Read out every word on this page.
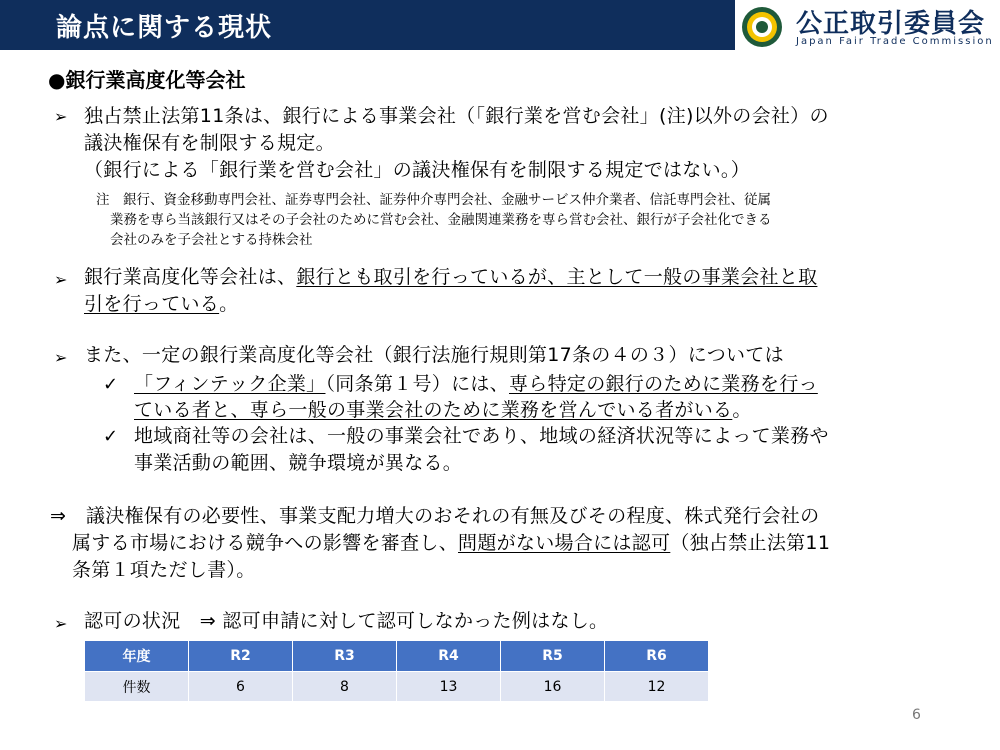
論点に関する現状	公正取引委員会
Japan Fair Trade Commission
●銀行業高度化等会社
➢ 独占禁止法第11条は、銀行による事業会社（「銀行業を営む会社」(注)以外の会社）の
議決権保有を制限する規定。
（銀行による「銀行業を営む会社」の議決権保有を制限する規定ではない。）
注　銀行、資金移動専門会社、証券専門会社、証券仲介専門会社、金融サービス仲介業者、信託専門会社、従属
業務を専ら当該銀行又はその子会社のために営む会社、金融関連業務を専ら営む会社、銀行が子会社化できる
会社のみを子会社とする持株会社
➢ 銀行業高度化等会社は、銀行とも取引を行っているが、主として一般の事業会社と取
引を行っている。
➢ また、一定の銀行業高度化等会社（銀行法施行規則第17条の４の３）については
✓ 「フィンテック企業」（同条第１号）には、専ら特定の銀行のために業務を行っ
ている者と、専ら一般の事業会社のために業務を営んでいる者がいる。
✓ 地域商社等の会社は、一般の事業会社であり、地域の経済状況等によって業務や
事業活動の範囲、競争環境が異なる。
⇒ 議決権保有の必要性、事業支配力増大のおそれの有無及びその程度、株式発行会社の
属する市場における競争への影響を審査し、問題がない場合には認可（独占禁止法第11
条第１項ただし書）。
➢ 認可の状況　⇒ 認可申請に対して認可しなかった例はなし。
年度	R2	R3	R4	R5	R6
件数	6	8	13	16	12
6
